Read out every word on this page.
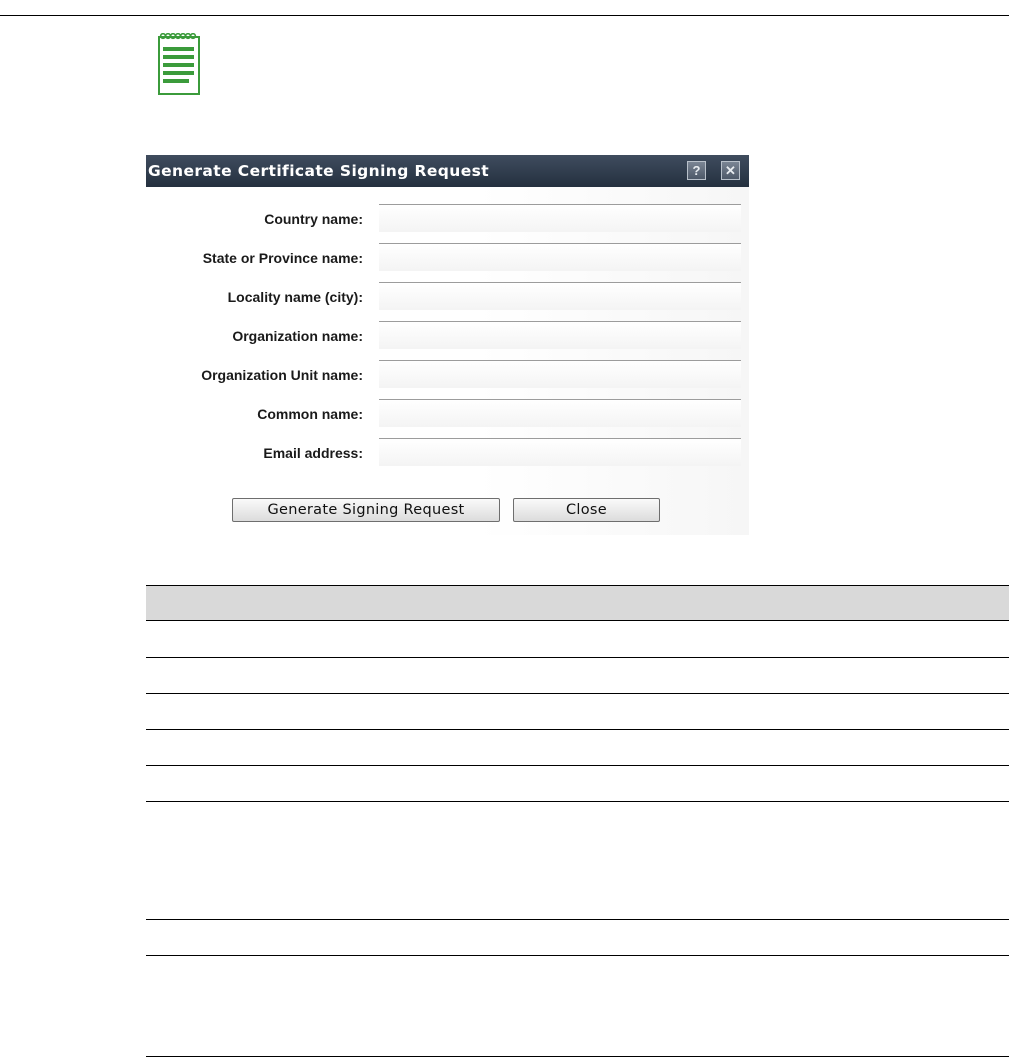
Generate Certificate Signing Request	?	✕
Country name:
State or Province name:
Locality name (city):
Organization name:
Organization Unit name:
Common name:
Email address:
Generate Signing Request	Close
